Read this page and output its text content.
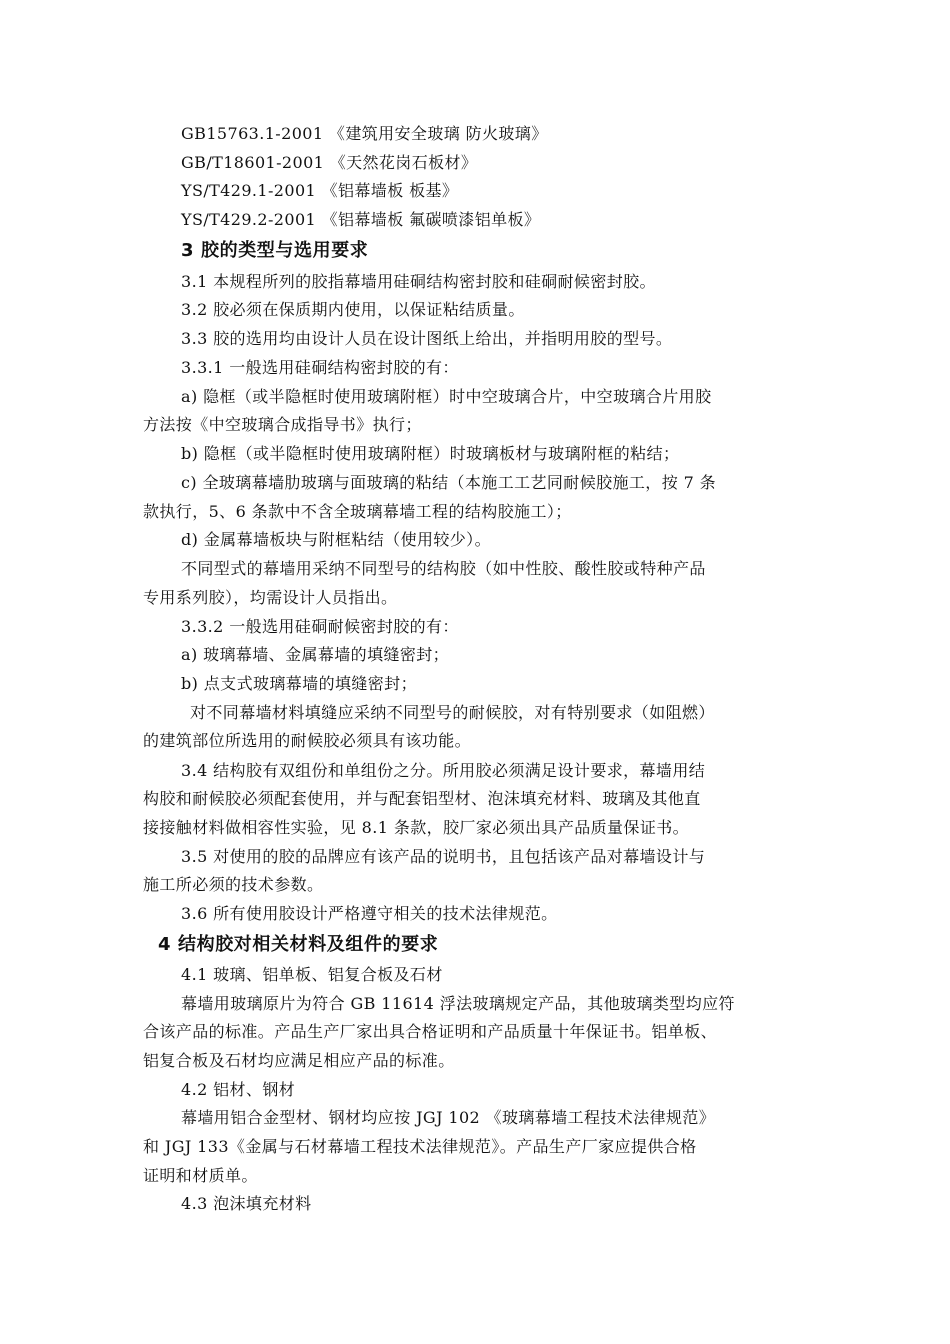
GB15763.1-2001 《建筑用安全玻璃 防火玻璃》
GB/T18601-2001 《天然花岗石板材》
YS/T429.1-2001 《铝幕墙板 板基》
YS/T429.2-2001 《铝幕墙板 氟碳喷漆铝单板》
3 胶的类型与选用要求
3.1 本规程所列的胶指幕墙用硅硐结构密封胶和硅硐耐候密封胶。
3.2 胶必须在保质期内使用，以保证粘结质量。
3.3 胶的选用均由设计人员在设计图纸上给出，并指明用胶的型号。
3.3.1 一般选用硅硐结构密封胶的有：
a) 隐框（或半隐框时使用玻璃附框）时中空玻璃合片，中空玻璃合片用胶
方法按《中空玻璃合成指导书》执行；
b) 隐框（或半隐框时使用玻璃附框）时玻璃板材与玻璃附框的粘结；
c) 全玻璃幕墙肋玻璃与面玻璃的粘结（本施工工艺同耐候胶施工，按 7 条
款执行，5、6 条款中不含全玻璃幕墙工程的结构胶施工）；
d) 金属幕墙板块与附框粘结（使用较少）。
不同型式的幕墙用采纳不同型号的结构胶（如中性胶、酸性胶或特种产品
专用系列胶），均需设计人员指出。
3.3.2 一般选用硅硐耐候密封胶的有：
a) 玻璃幕墙、金属幕墙的填缝密封；
b) 点支式玻璃幕墙的填缝密封；
对不同幕墙材料填缝应采纳不同型号的耐候胶，对有特别要求（如阻燃）
的建筑部位所选用的耐候胶必须具有该功能。
3.4 结构胶有双组份和单组份之分。所用胶必须满足设计要求，幕墙用结
构胶和耐候胶必须配套使用，并与配套铝型材、泡沫填充材料、玻璃及其他直
接接触材料做相容性实验，见 8.1 条款，胶厂家必须出具产品质量保证书。
3.5 对使用的胶的品牌应有该产品的说明书，且包括该产品对幕墙设计与
施工所必须的技术参数。
3.6 所有使用胶设计严格遵守相关的技术法律规范。
4 结构胶对相关材料及组件的要求
4.1 玻璃、铝单板、铝复合板及石材
幕墙用玻璃原片为符合 GB 11614 浮法玻璃规定产品，其他玻璃类型均应符
合该产品的标准。产品生产厂家出具合格证明和产品质量十年保证书。铝单板、
铝复合板及石材均应满足相应产品的标准。
4.2 铝材、钢材
幕墙用铝合金型材、钢材均应按 JGJ 102 《玻璃幕墙工程技术法律规范》
和 JGJ 133《金属与石材幕墙工程技术法律规范》。产品生产厂家应提供合格
证明和材质单。
4.3 泡沫填充材料
